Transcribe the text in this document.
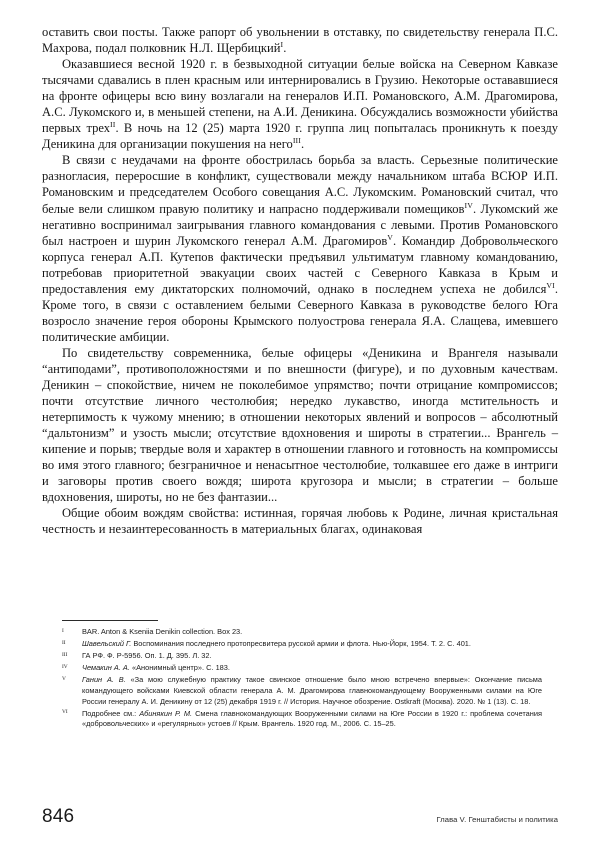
оставить свои посты. Также рапорт об увольнении в отставку, по свидетельству генерала П.С. Махрова, подал полковник Н.Л. Щербицкий$^I$.

Оказавшиеся весной 1920 г. в безвыходной ситуации белые войска на Северном Кавказе тысячами сдавались в плен красным или интернировались в Грузию. Некоторые остававшиеся на фронте офицеры всю вину возлагали на генералов И.П. Романовского, А.М. Драгомирова, А.С. Лукомского и, в меньшей степени, на А.И. Деникина. Обсуждались возможности убийства первых трех$^{II}$. В ночь на 12 (25) марта 1920 г. группа лиц попыталась проникнуть к поезду Деникина для организации покушения на него$^{III}$.

В связи с неудачами на фронте обострилась борьба за власть. Серьезные политические разногласия, переросшие в конфликт, существовали между начальником штаба ВСЮР И.П. Романовским и председателем Особого совещания А.С. Лукомским. Романовский считал, что белые вели слишком правую политику и напрасно поддерживали помещиков$^{IV}$. Лукомский же негативно воспринимал заигрывания главного командования с левыми. Против Романовского был настроен и шурин Лукомского генерал А.М. Драгомиров$^V$. Командир Добровольческого корпуса генерал А.П. Кутепов фактически предъявил ультиматум главному командованию, потребовав приоритетной эвакуации своих частей с Северного Кавказа в Крым и предоставления ему диктаторских полномочий, однако в последнем успеха не добился$^{VI}$. Кроме того, в связи с оставлением белыми Северного Кавказа в руководстве белого Юга возросло значение героя обороны Крымского полуострова генерала Я.А. Слащева, имевшего политические амбиции.

По свидетельству современника, белые офицеры «Деникина и Врангеля называли “антиподами”, противоположностями и по внешности (фигуре), и по духовным качествам. Деникин – спокойствие, ничем не поколебимое упрямство; почти отрицание компромиссов; почти отсутствие личного честолюбия; нередко лукавство, иногда мстительность и нетерпимость к чужому мнению; в отношении некоторых явлений и вопросов – абсолютный “дальтонизм” и узость мысли; отсутствие вдохновения и широты в стратегии... Врангель – кипение и порыв; твердые воля и характер в отношении главного и готовность на компромиссы во имя этого главного; безграничное и ненасытное честолюбие, толкавшее его даже в интриги и заговоры против своего вождя; широта кругозора и мысли; в стратегии – больше вдохновения, широты, но не без фантазии...

Общие обоим вождям свойства: истинная, горячая любовь к Родине, личная кристальная честность и незаинтересованность в материальных благах, одинаковая

I	BAR. Anton & Kseniia Denikin collection. Box 23.
II	Шавельский Г. Воспоминания последнего протопресвитера русской армии и флота. Нью-Йорк, 1954. Т. 2. С. 401.
III	ГА РФ. Ф. Р-5956. Оп. 1. Д. 395. Л. 32.
IV	Чемакин А. А. «Анонимный центр». С. 183.
V	Ганин А. В. «За мою служебную практику такое свинское отношение было мною встречено впервые»: Окончание письма командующего войсками Киевской области генерала А. М. Драгомирова главнокомандующему Вооруженными силами на Юге России генералу А. И. Деникину от 12 (25) декабря 1919 г. // История. Научное обозрение. Ostkraft (Москва). 2020. № 1 (13). С. 18.
VI	Подробнее см.: Абинякин Р. М. Смена главнокомандующих Вооруженными силами на Юге России в 1920 г.: проблема сочетания «добровольческих» и «регулярных» устоев // Крым. Врангель. 1920 год. М., 2006. С. 15–25.
846	Глава V. Генштабисты и политика
